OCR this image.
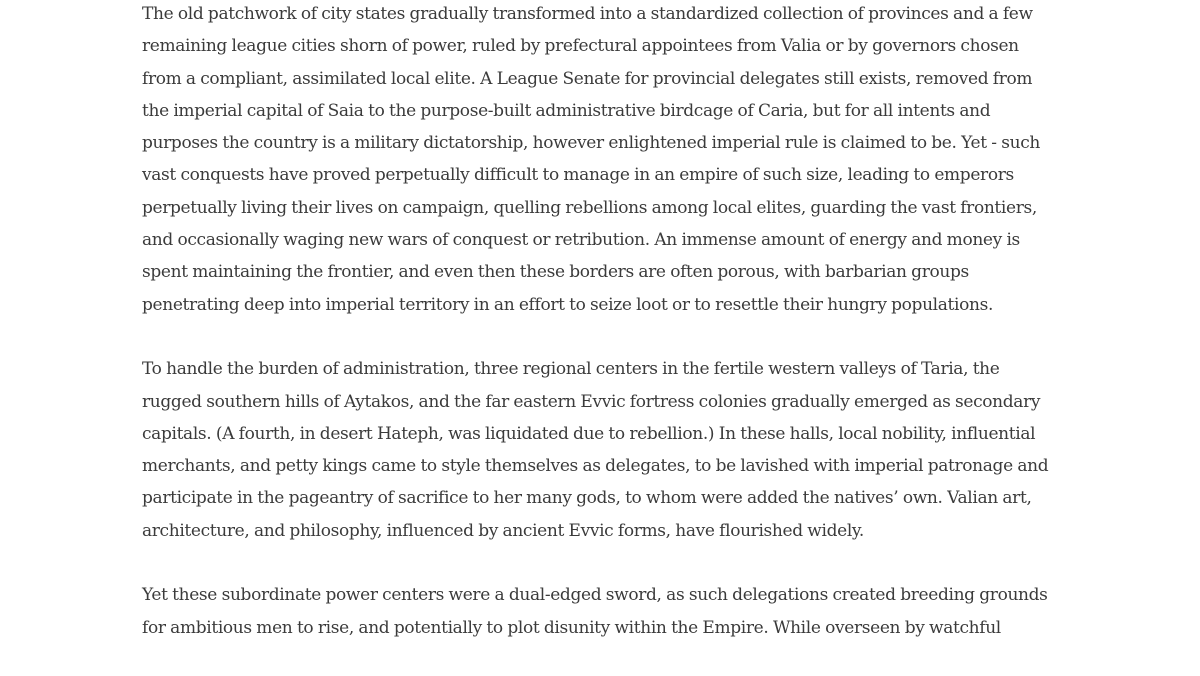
The old patchwork of city states gradually transformed into a standardized collection of provinces and a few
remaining league cities shorn of power, ruled by prefectural appointees from Valia or by governors chosen
from a compliant, assimilated local elite. A League Senate for provincial delegates still exists, removed from
the imperial capital of Saia to the purpose-built administrative birdcage of Caria, but for all intents and
purposes the country is a military dictatorship, however enlightened imperial rule is claimed to be. Yet - such
vast conquests have proved perpetually difficult to manage in an empire of such size, leading to emperors
perpetually living their lives on campaign, quelling rebellions among local elites, guarding the vast frontiers,
and occasionally waging new wars of conquest or retribution. An immense amount of energy and money is
spent maintaining the frontier, and even then these borders are often porous, with barbarian groups
penetrating deep into imperial territory in an effort to seize loot or to resettle their hungry populations.

To handle the burden of administration, three regional centers in the fertile western valleys of Taria, the
rugged southern hills of Aytakos, and the far eastern Evvic fortress colonies gradually emerged as secondary
capitals. (A fourth, in desert Hateph, was liquidated due to rebellion.) In these halls, local nobility, influential
merchants, and petty kings came to style themselves as delegates, to be lavished with imperial patronage and
participate in the pageantry of sacrifice to her many gods, to whom were added the natives’ own. Valian art,
architecture, and philosophy, influenced by ancient Evvic forms, have flourished widely.

Yet these subordinate power centers were a dual-edged sword, as such delegations created breeding grounds
for ambitious men to rise, and potentially to plot disunity within the Empire. While overseen by watchful
